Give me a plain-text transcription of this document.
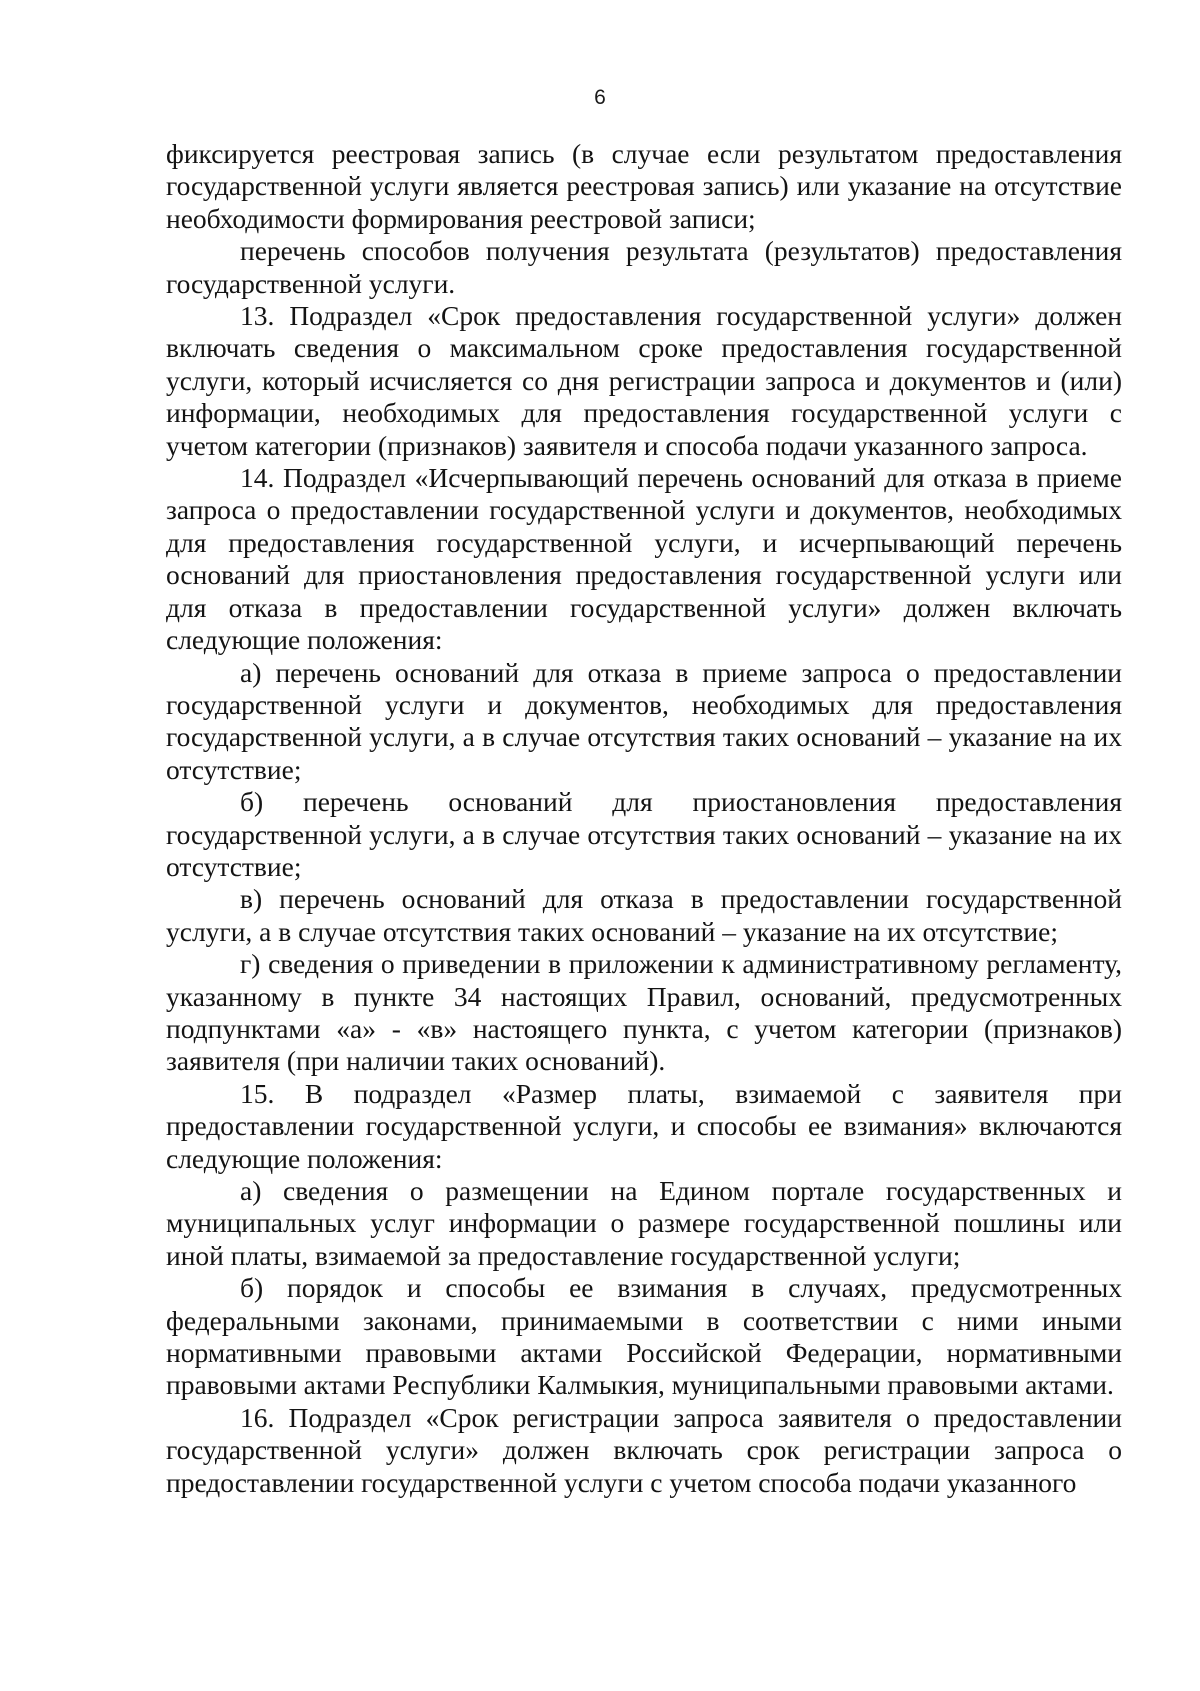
6

фиксируется реестровая запись (в случае если результатом предоставления государственной услуги является реестровая запись) или указание на отсутствие необходимости формирования реестровой записи;

перечень способов получения результата (результатов) предоставления государственной услуги.

13. Подраздел «Срок предоставления государственной услуги» должен включать сведения о максимальном сроке предоставления государственной услуги, который исчисляется со дня регистрации запроса и документов и (или) информации, необходимых для предоставления государственной услуги с учетом категории (признаков) заявителя и способа подачи указанного запроса.

14. Подраздел «Исчерпывающий перечень оснований для отказа в приеме запроса о предоставлении государственной услуги и документов, необходимых для предоставления государственной услуги, и исчерпывающий перечень оснований для приостановления предоставления государственной услуги или для отказа в предоставлении государственной услуги» должен включать следующие положения:

а) перечень оснований для отказа в приеме запроса о предоставлении государственной услуги и документов, необходимых для предоставления государственной услуги, а в случае отсутствия таких оснований – указание на их отсутствие;

б) перечень оснований для приостановления предоставления государственной услуги, а в случае отсутствия таких оснований – указание на их отсутствие;

в) перечень оснований для отказа в предоставлении государственной услуги, а в случае отсутствия таких оснований – указание на их отсутствие;

г) сведения о приведении в приложении к административному регламенту, указанному в пункте 34 настоящих Правил, оснований, предусмотренных подпунктами «а» - «в» настоящего пункта, с учетом категории (признаков) заявителя (при наличии таких оснований).

15. В подраздел «Размер платы, взимаемой с заявителя при предоставлении государственной услуги, и способы ее взимания» включаются следующие положения:

а) сведения о размещении на Едином портале государственных и муниципальных услуг информации о размере государственной пошлины или иной платы, взимаемой за предоставление государственной услуги;

б) порядок и способы ее взимания в случаях, предусмотренных федеральными законами, принимаемыми в соответствии с ними иными нормативными правовыми актами Российской Федерации, нормативными правовыми актами Республики Калмыкия, муниципальными правовыми актами.

16. Подраздел «Срок регистрации запроса заявителя о предоставлении государственной услуги» должен включать срок регистрации запроса о предоставлении государственной услуги с учетом способа подачи указанного
